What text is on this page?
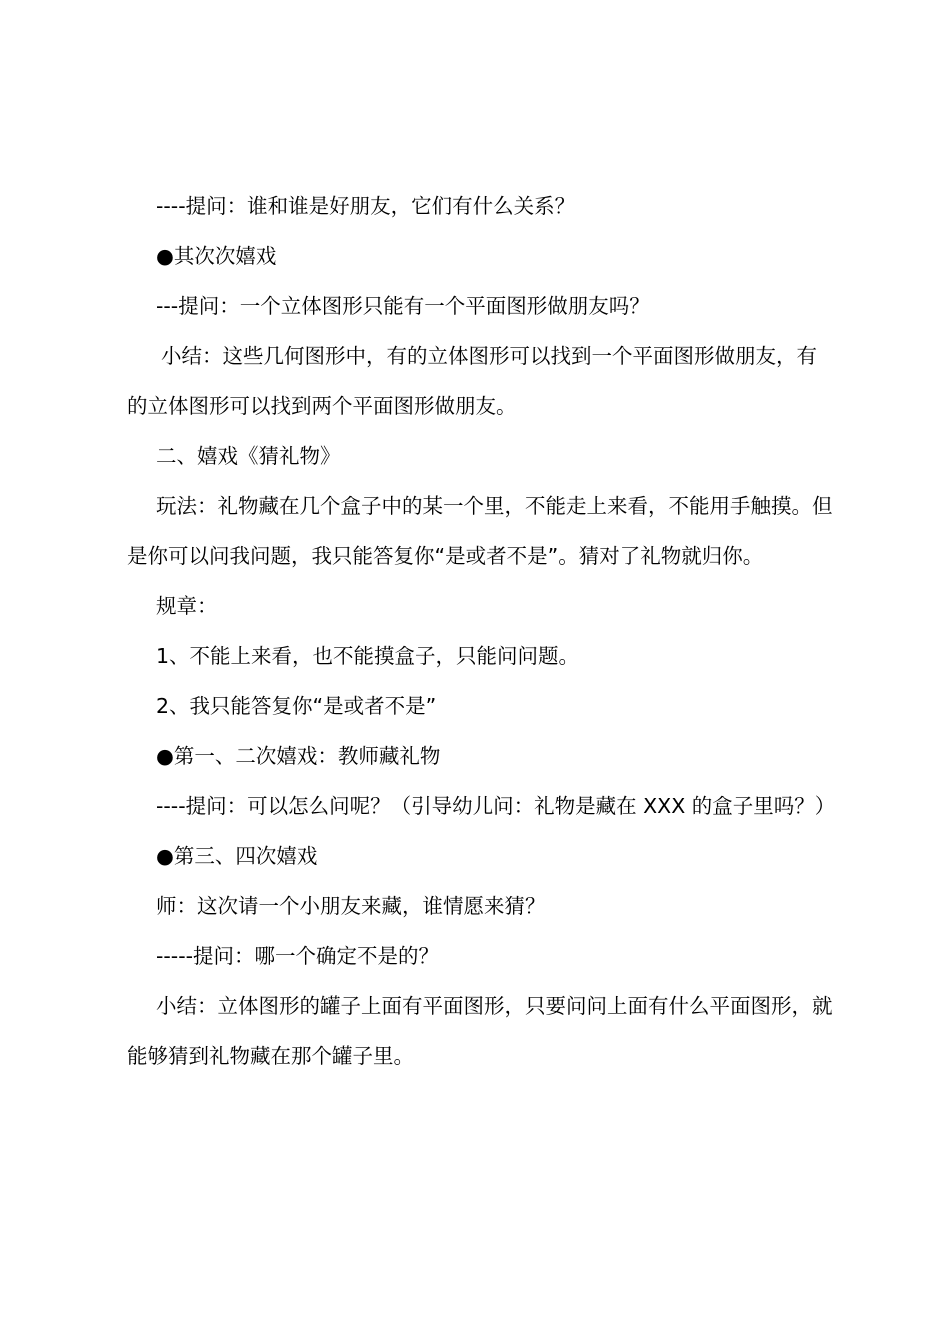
----提问：谁和谁是好朋友，它们有什么关系？

●其次次嬉戏

---提问：一个立体图形只能有一个平面图形做朋友吗？

小结：这些几何图形中，有的立体图形可以找到一个平面图形做朋友，有的立体图形可以找到两个平面图形做朋友。

二、嬉戏《猜礼物》

玩法：礼物藏在几个盒子中的某一个里，不能走上来看，不能用手触摸。但是你可以问我问题，我只能答复你“是或者不是”。猜对了礼物就归你。

规章：

1、不能上来看，也不能摸盒子，只能问问题。

2、我只能答复你“是或者不是”

●第一、二次嬉戏：教师藏礼物

----提问：可以怎么问呢？（引导幼儿问：礼物是藏在 XXX 的盒子里吗？）

●第三、四次嬉戏

师：这次请一个小朋友来藏，谁情愿来猜？

-----提问：哪一个确定不是的？

小结：立体图形的罐子上面有平面图形，只要问问上面有什么平面图形，就能够猜到礼物藏在那个罐子里。
